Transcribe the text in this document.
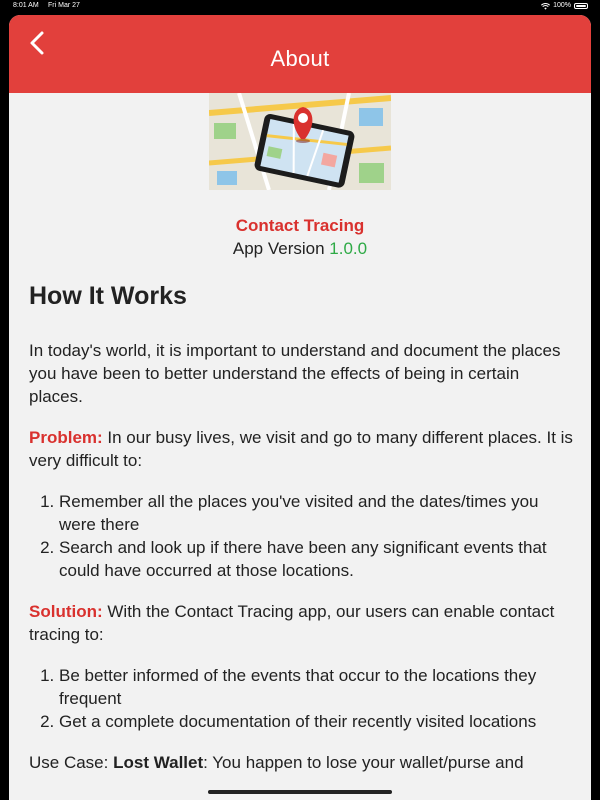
8:01 AM Fri Mar 27	100%
About
Contact Tracing
App Version 1.0.0
How It Works

In today's world, it is important to understand and document the places you have been to better understand the effects of being in certain places.

Problem: In our busy lives, we visit and go to many different places. It is very difficult to:

1. Remember all the places you've visited and the dates/times you were there
2. Search and look up if there have been any significant events that could have occurred at those locations.

Solution: With the Contact Tracing app, our users can enable contact tracing to:

1. Be better informed of the events that occur to the locations they frequent
2. Get a complete documentation of their recently visited locations

Use Case: Lost Wallet: You happen to lose your wallet/purse and
